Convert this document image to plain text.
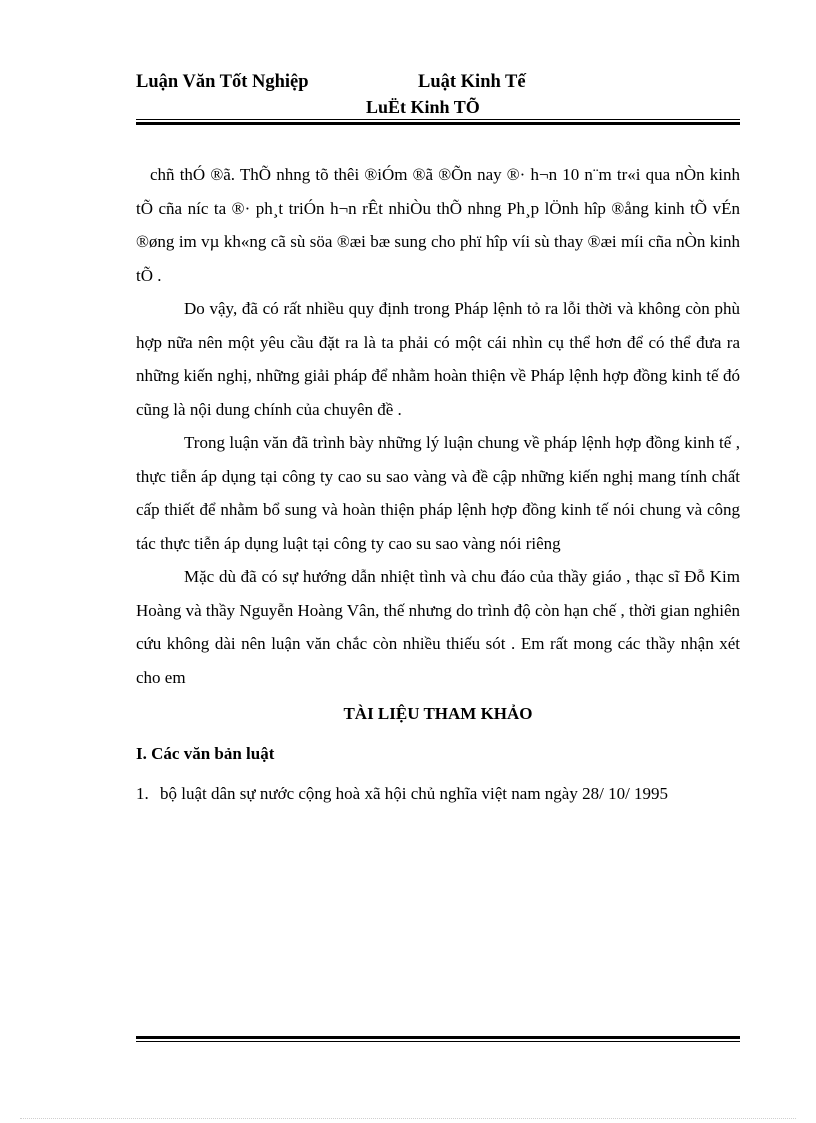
Luận Văn Tốt Nghiệp	Luật Kinh Tế
LuËt Kinh TÕ

chñ thÓ ®ã. ThÕ nhng tõ thêi ®iÓm ®ã ®Õn nay ®· h¬n 10 n¨m tr«i qua nÒn kinh tÕ cña níc ta ®· ph¸t triÓn h¬n rÊt nhiÒu thÕ nhng Ph¸p lÖnh hîp ®ång kinh tÕ vÉn ®øng im vµ kh«ng cã sù söa ®æi bæ sung cho phï hîp víi sù thay ®æi míi cña nÒn kinh tÕ .

Do vậy, đã có rất nhiều quy định trong Pháp lệnh tỏ ra lỗi thời và không còn phù hợp nữa nên một yêu cầu đặt ra là ta phải có một cái nhìn cụ thể hơn để có thể đưa ra những kiến nghị, những giải pháp để nhằm hoàn thiện về Pháp lệnh hợp đồng kinh tế đó cũng là nội dung chính của chuyên đề .

Trong luận văn đã trình bày những lý luận chung về pháp lệnh hợp đồng kinh tế , thực tiễn áp dụng tại công ty cao su sao vàng và đề cập những kiến nghị mang tính chất cấp thiết để nhằm bổ sung và hoàn thiện pháp lệnh hợp đồng kinh tế nói chung và công tác thực tiễn áp dụng luật tại công ty cao su sao vàng nói riêng

Mặc dù đã có sự hướng dẫn nhiệt tình và chu đáo của thầy giáo , thạc sĩ Đỗ Kim Hoàng và thầy Nguyễn Hoàng Vân, thế nhưng do trình độ còn hạn chế , thời gian nghiên cứu không dài nên luận văn chắc còn nhiều thiếu sót . Em rất mong các thầy nhận xét cho em

TÀI LIỆU THAM KHẢO

I. Các văn bản luật

1. bộ luật dân sự nước cộng hoà xã hội chủ nghĩa việt nam ngày 28/ 10/ 1995
